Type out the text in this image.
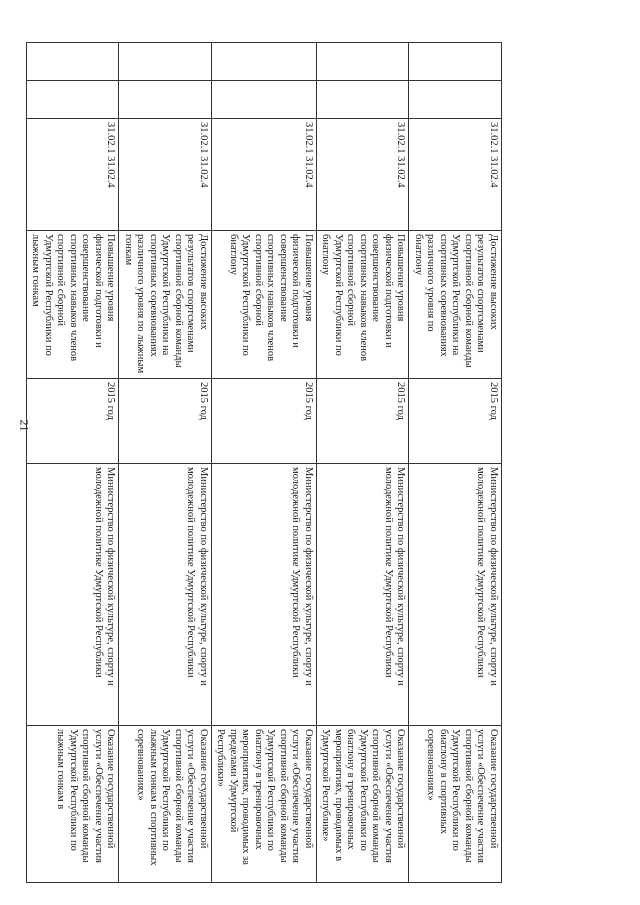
21
		31.02.1 31.02.4	Достижение высоких результатов спортсменами спортивной сборной команды Удмуртской Республики на спортивных соревнованиях различного уровня по биатлону	2015 год	Министерство по физической культуре, спорту и молодежной политике Удмуртской Республики	Оказание государственной услуги «Обеспечение участия спортивной сборной команды Удмуртской Республики по биатлону в спортивных соревнованиях»
		31.02.1 31.02.4	Повышение уровня физической подготовки и совершенствование спортивных навыков членов спортивной сборной Удмуртской Республики по биатлону	2015 год	Министерство по физической культуре, спорту и молодежной политике Удмуртской Республики	Оказание государственной услуги «Обеспечение участия спортивной сборной команды Удмуртской Республики по биатлону в тренировочных мероприятиях, проводимых в Удмуртской Республике»
		31.02.1 31.02.4	Повышение уровня физической подготовки и совершенствование спортивных навыков членов спортивной сборной Удмуртской Республики по биатлону	2015 год	Министерство по физической культуре, спорту и молодежной политике Удмуртской Республики	Оказание государственной услуги «Обеспечение участия спортивной сборной команды Удмуртской Республики по биатлону в тренировочных мероприятиях, проводимых за пределами Удмуртской Республики»
		31.02.1 31.02.4	Достижение высоких результатов спортсменами спортивной сборной команды Удмуртской Республики на спортивных соревнованиях различного уровня по лыжным гонкам	2015 год	Министерство по физической культуре, спорту и молодежной политике Удмуртской Республики	Оказание государственной услуги «Обеспечение участия спортивной сборной команды Удмуртской Республики по лыжным гонкам в спортивных соревнованиях»
		31.02.1 31.02.4	Повышение уровня физической подготовки и совершенствование спортивных навыков членов спортивной сборной Удмуртской Республики по лыжным гонкам	2015 год	Министерство по физической культуре, спорту и молодежной политике Удмуртской Республики	Оказание государственной услуги «Обеспечение участия спортивной сборной команды Удмуртской Республики по лыжным гонкам в
